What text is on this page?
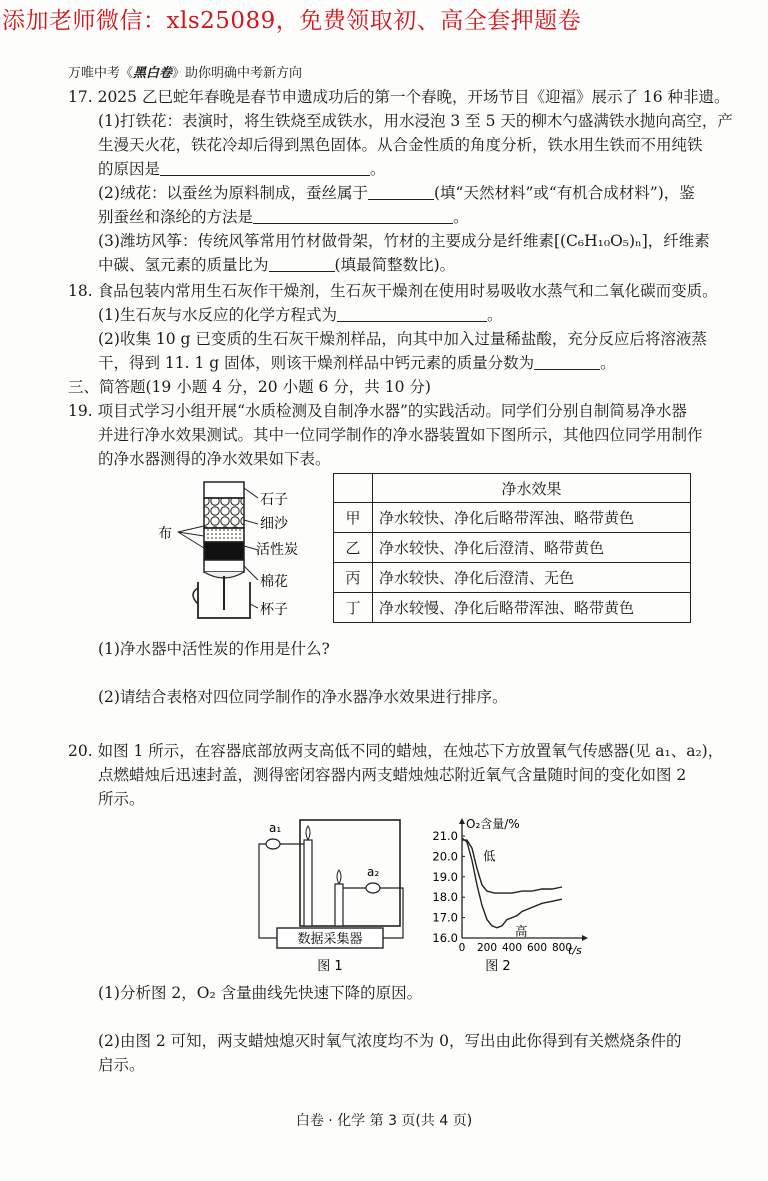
添加老师微信：xls25089，免费领取初、高全套押题卷
万唯中考《黑白卷》助你明确中考新方向
17. 2025 乙巳蛇年春晚是春节申遗成功后的第一个春晚，开场节目《迎福》展示了 16 种非遗。
(1)打铁花：表演时，将生铁烧至成铁水，用水浸泡 3 至 5 天的柳木勺盛满铁水抛向高空，产
生漫天火花，铁花冷却后得到黑色固体。从合金性质的角度分析，铁水用生铁而不用纯铁
的原因是	。
(2)绒花：以蚕丝为原料制成，蚕丝属于	(填“天然材料”或“有机合成材料”)，鉴
别蚕丝和涤纶的方法是	。
(3)潍坊风筝：传统风筝常用竹材做骨架，竹材的主要成分是纤维素[(C₆H₁₀O₅)ₙ]，纤维素
中碳、氢元素的质量比为	(填最简整数比)。
18. 食品包装内常用生石灰作干燥剂，生石灰干燥剂在使用时易吸收水蒸气和二氧化碳而变质。
(1)生石灰与水反应的化学方程式为	。
(2)收集 10 g 已变质的生石灰干燥剂样品，向其中加入过量稀盐酸，充分反应后将溶液蒸
干，得到 11. 1 g 固体，则该干燥剂样品中钙元素的质量分数为	。
三、简答题(19 小题 4 分，20 小题 6 分，共 10 分)
19. 项目式学习小组开展“水质检测及自制净水器”的实践活动。同学们分别自制简易净水器
并进行净水效果测试。其中一位同学制作的净水器装置如下图所示，其他四位同学用制作
的净水器测得的净水效果如下表。
布
石子
细沙
活性炭
棉花
杯子
	净水效果
甲	净水较快、净化后略带浑浊、略带黄色
乙	净水较快、净化后澄清、略带黄色
丙	净水较快、净化后澄清、无色
丁	净水较慢、净化后略带浑浊、略带黄色
(1)净水器中活性炭的作用是什么?
(2)请结合表格对四位同学制作的净水器净水效果进行排序。
20. 如图 1 所示，在容器底部放两支高低不同的蜡烛，在烛芯下方放置氧气传感器(见 a₁、a₂)，
点燃蜡烛后迅速封盖，测得密闭容器内两支蜡烛烛芯附近氧气含量随时间的变化如图 2
所示。
a₁
a₂
数据采集器
图 1
O₂含量/%
t/s
16.0
17.0
18.0
19.0
20.0
21.0
0 200 400 600 800
低
高
图 2
(1)分析图 2，O₂ 含量曲线先快速下降的原因。
(2)由图 2 可知，两支蜡烛熄灭时氧气浓度均不为 0，写出由此你得到有关燃烧条件的
启示。
白卷 · 化学 第 3 页(共 4 页)
